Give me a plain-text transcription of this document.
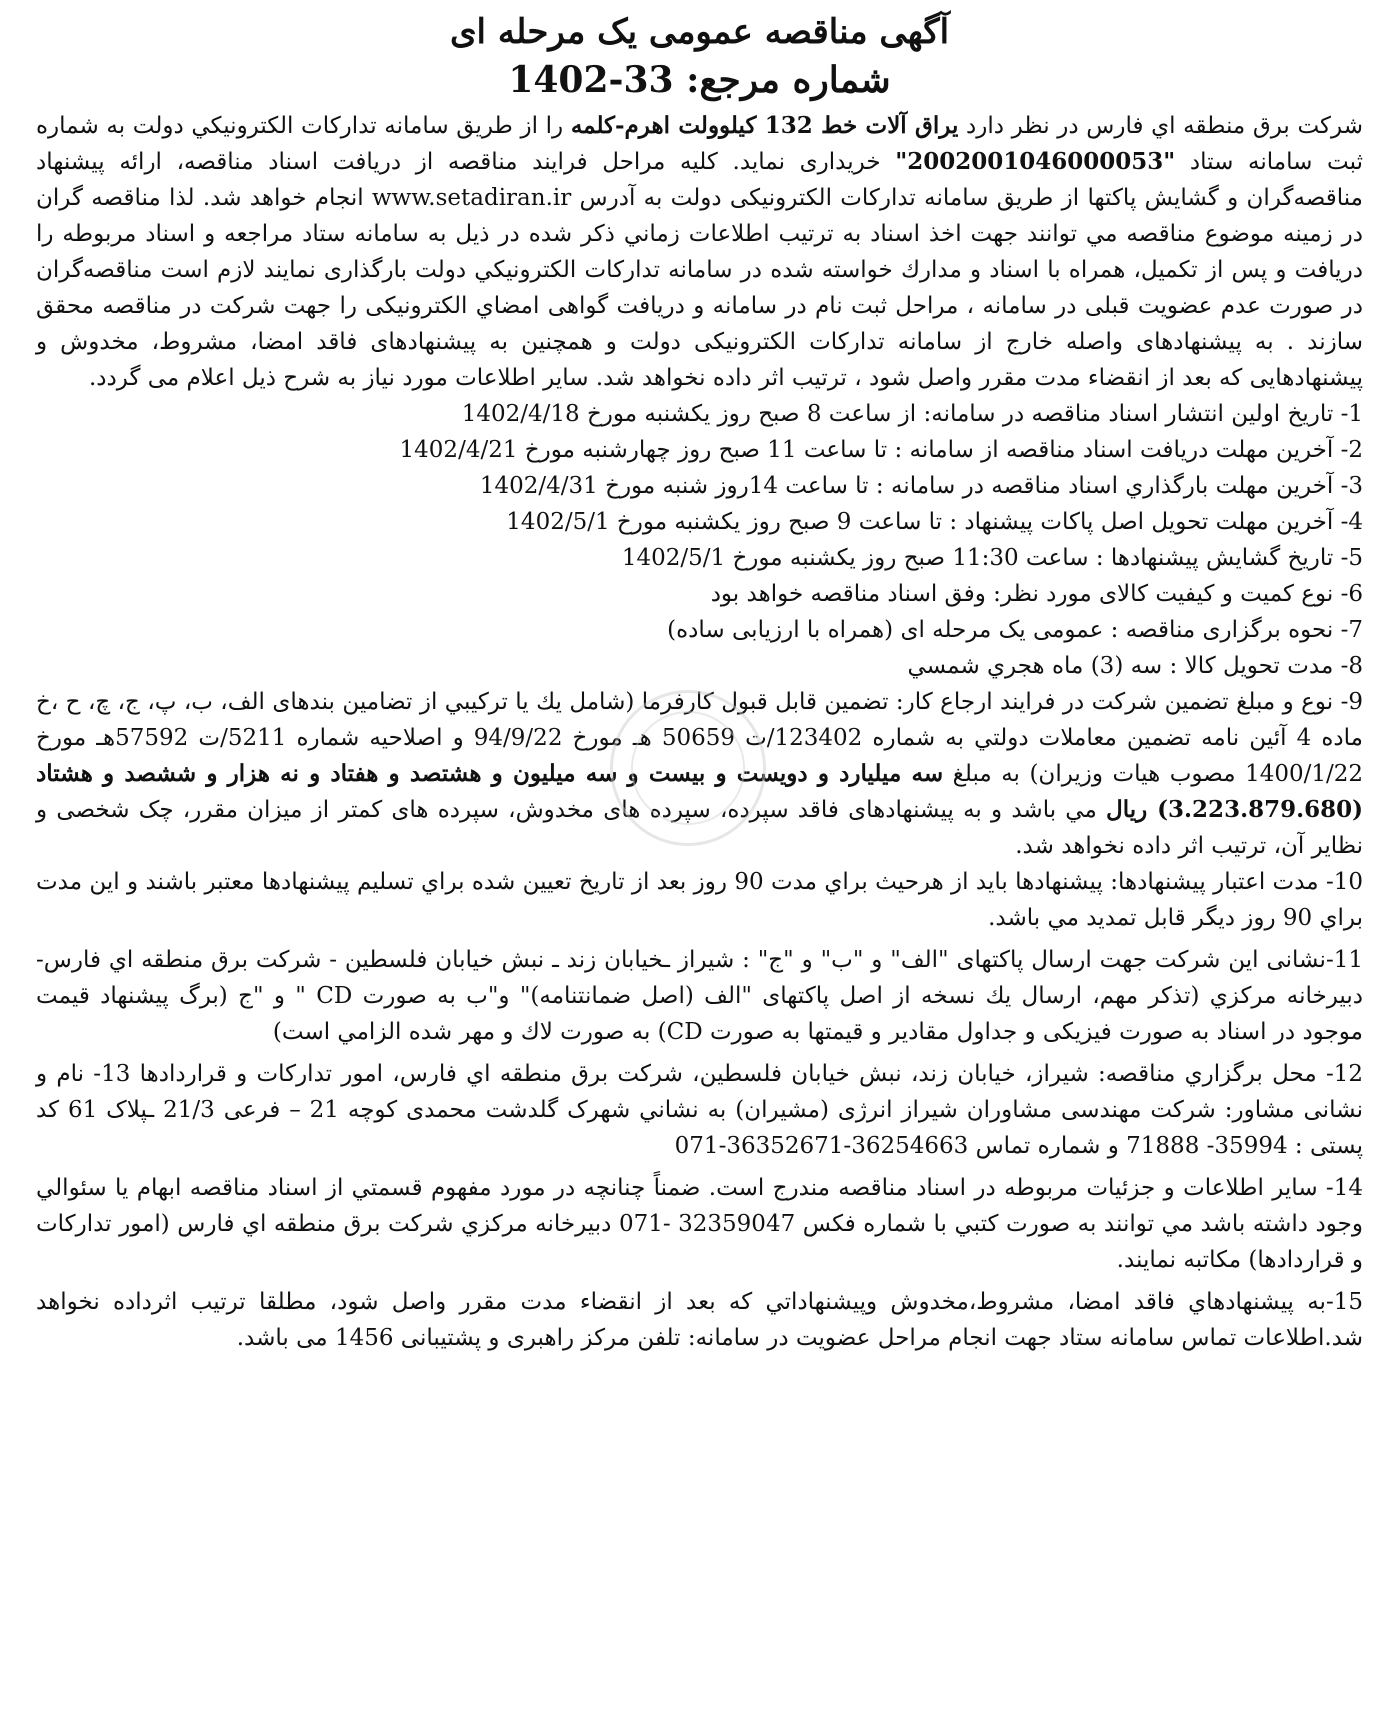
آگهی مناقصه عمومی یک مرحله ای
شماره مرجع: 1402-33

شرکت برق منطقه اي فارس در نظر دارد یراق آلات خط 132 کیلوولت اهرم-کلمه را از طریق سامانه تدارکات الکترونیکي دولت به شماره ثبت سامانه ستاد "2002001046000053" خریداری نماید. کلیه مراحل فرایند مناقصه از دریافت اسناد مناقصه، ارائه پیشنهاد مناقصه‌گران و گشایش پاکتها از طریق سامانه تدارکات الکترونیکی دولت به آدرس www.setadiran.ir انجام خواهد شد. لذا مناقصه گران در زمینه موضوع مناقصه مي توانند جهت اخذ اسناد به ترتیب اطلاعات زماني ذکر شده در ذیل به سامانه ستاد مراجعه و اسناد مربوطه را دریافت و پس از تکمیل، همراه با اسناد و مدارك خواسته شده در سامانه تدارکات الکترونیکي دولت بارگذاری نمایند لازم است مناقصه‌گران در صورت عدم عضویت قبلی در سامانه ، مراحل ثبت نام در سامانه و دریافت گواهی امضاي الکترونیکی را جهت شرکت در مناقصه محقق سازند . به پیشنهادهای واصله خارج از سامانه تدارکات الکترونیکی دولت و همچنین به پیشنهادهای فاقد امضا، مشروط، مخدوش و پیشنهادهایی که بعد از انقضاء مدت مقرر واصل شود ، ترتیب اثر داده نخواهد شد. سایر اطلاعات مورد نیاز به شرح ذیل اعلام می گردد.

1- تاریخ اولین انتشار اسناد مناقصه در سامانه: از ساعت 8 صبح روز یکشنبه مورخ 1402/4/18

2- آخرین مهلت دریافت اسناد مناقصه از سامانه : تا ساعت 11 صبح روز چهارشنبه مورخ 1402/4/21

3- آخرین مهلت بارگذاري اسناد مناقصه در سامانه : تا ساعت 14روز شنبه مورخ 1402/4/31

4- آخرین مهلت تحویل اصل پاکات پیشنهاد : تا ساعت 9 صبح روز یکشنبه مورخ 1402/5/1

5- تاریخ گشایش پیشنهادها : ساعت 11:30 صبح روز یکشنبه مورخ 1402/5/1

6- نوع کمیت و کیفیت کالای مورد نظر: وفق اسناد مناقصه خواهد بود

7- نحوه برگزاری مناقصه : عمومی یک مرحله ای (همراه با ارزیابی ساده)

8- مدت تحویل کالا : سه (3) ماه هجري شمسي

9- نوع و مبلغ تضمین شرکت در فرایند ارجاع کار: تضمین قابل قبول کارفرما (شامل يك يا تركيبي از تضامین بندهای الف، ب، پ، ج، چ، ح ،خ ماده 4 آئین نامه تضمین معاملات دولتي به شماره 123402/ت 50659 هـ مورخ 94/9/22 و اصلاحیه شماره 5211/ت 57592هـ مورخ 1400/1/22 مصوب هیات وزیران) به مبلغ سه میلیارد و دویست و بیست و سه میلیون و هشتصد و هفتاد و نه هزار و ششصد و هشتاد (3.223.879.680) ریال مي باشد و به پیشنهادهای فاقد سپرده، سپرده های مخدوش، سپرده های کمتر از میزان مقرر، چک شخصی و نظایر آن، ترتیب اثر داده نخواهد شد.

10- مدت اعتبار پیشنهادها: پیشنهادها باید از هرحیث براي مدت 90 روز بعد از تاریخ تعیین شده براي تسلیم پیشنهادها معتبر باشند و این مدت براي 90 روز دیگر قابل تمدید مي باشد.

11-نشانی این شرکت جهت ارسال پاکتهای "الف" و "ب" و "ج" : شیراز ـخیابان زند ـ نبش خیابان فلسطین - شرکت برق منطقه اي فارس- دبیرخانه مرکزي (تذکر مهم، ارسال يك نسخه از اصل پاکتهای "الف (اصل ضمانتنامه)" و"ب به صورت CD " و "ج (برگ پیشنهاد قیمت موجود در اسناد به صورت فیزیکی و جداول مقادیر و قیمتها به صورت CD) به صورت لاك و مهر شده الزامي است)

12- محل برگزاري مناقصه: شیراز، خیابان زند، نبش خیابان فلسطین، شرکت برق منطقه اي فارس، امور تدارکات و قراردادها 13- نام و نشانی مشاور: شرکت مهندسی مشاوران شیراز انرژی (مشیران) به نشاني شهرک گلدشت محمدی کوچه 21 – فرعی 21/3 ـپلاک 61 کد پستی : 35994- 71888 و شماره تماس 36254663-36352671-071

14- سایر اطلاعات و جزئیات مربوطه در اسناد مناقصه مندرج است. ضمناً چنانچه در مورد مفهوم قسمتي از اسناد مناقصه ابهام یا سئوالي وجود داشته باشد مي توانند به صورت کتبي با شماره فکس 32359047 -071 دبیرخانه مرکزي شرکت برق منطقه اي فارس (امور تدارکات و قراردادها) مکاتبه نمایند.

15-به پیشنهادهاي فاقد امضا، مشروط،مخدوش وپیشنهاداتي که بعد از انقضاء مدت مقرر واصل شود، مطلقا ترتیب اثرداده نخواهد شد.اطلاعات تماس سامانه ستاد جهت انجام مراحل عضویت در سامانه: تلفن مرکز راهبری و پشتیبانی 1456 می باشد.
